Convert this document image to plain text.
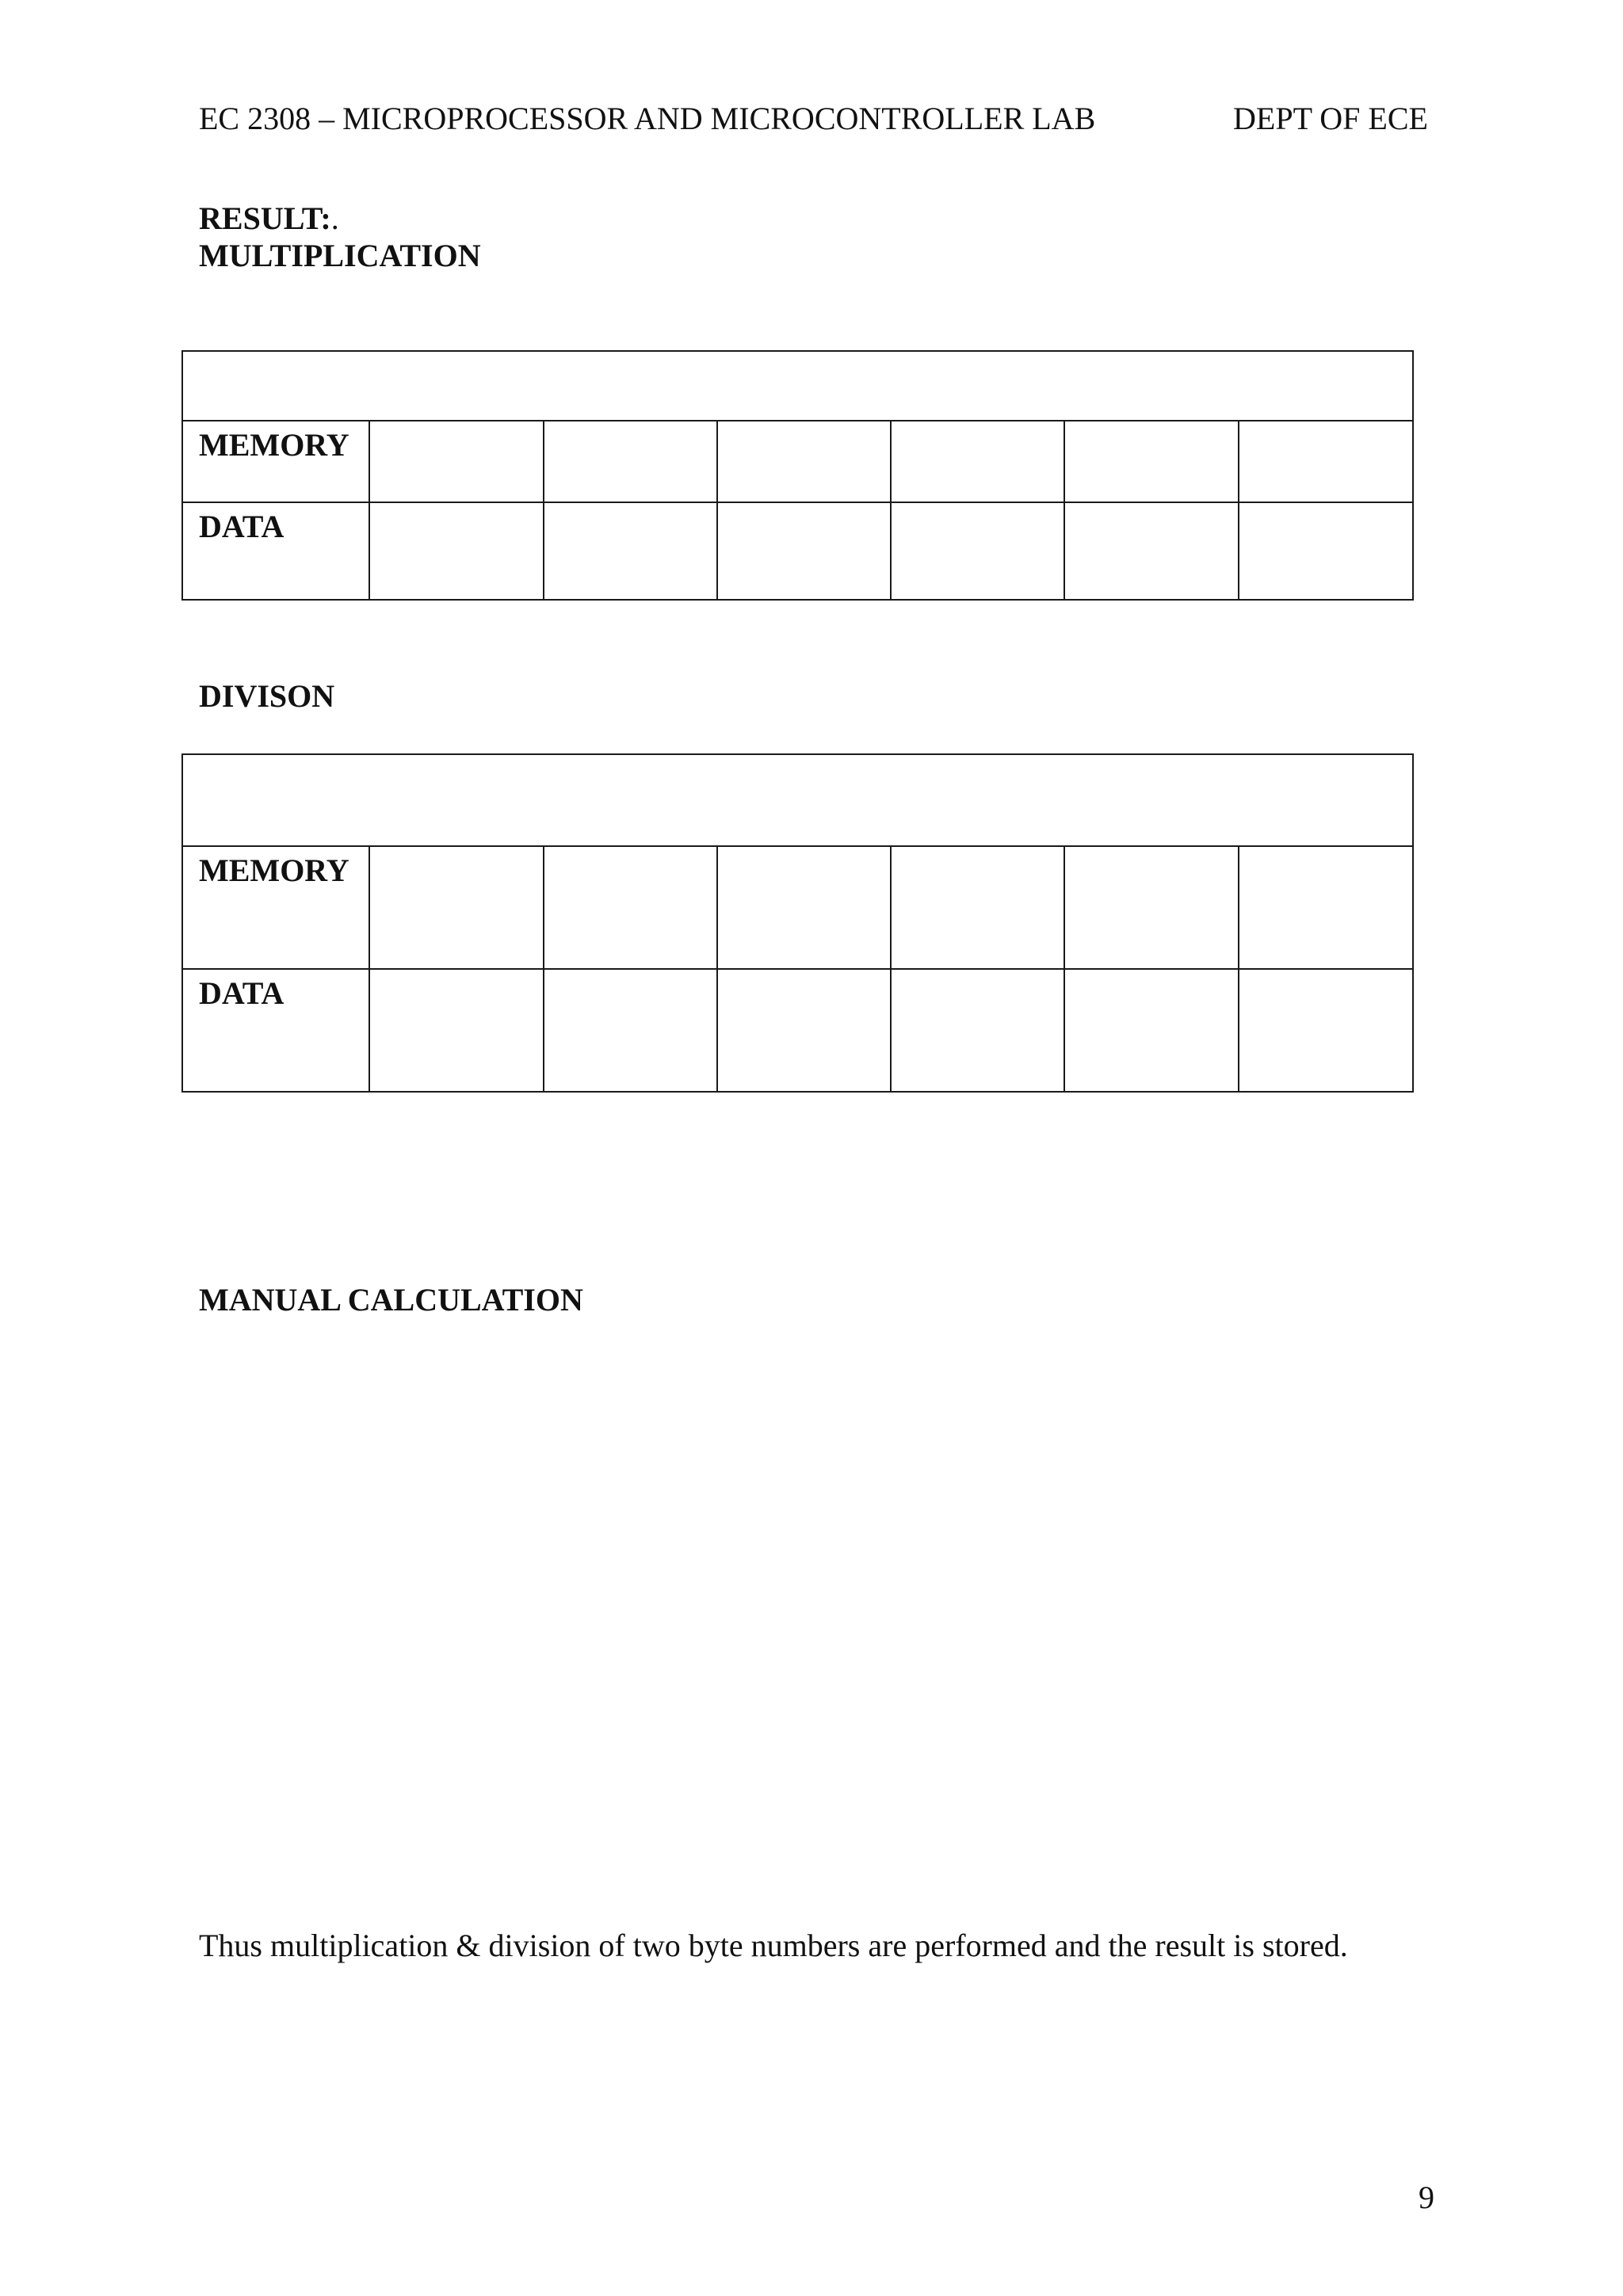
EC 2308 – MICROPROCESSOR AND MICROCONTROLLER LAB	DEPT OF ECE
RESULT:.
MULTIPLICATION

MEMORY						
DATA						
DIVISON

MEMORY						
DATA						
MANUAL CALCULATION
Thus multiplication & division of two byte numbers are performed and the result is stored.
9
